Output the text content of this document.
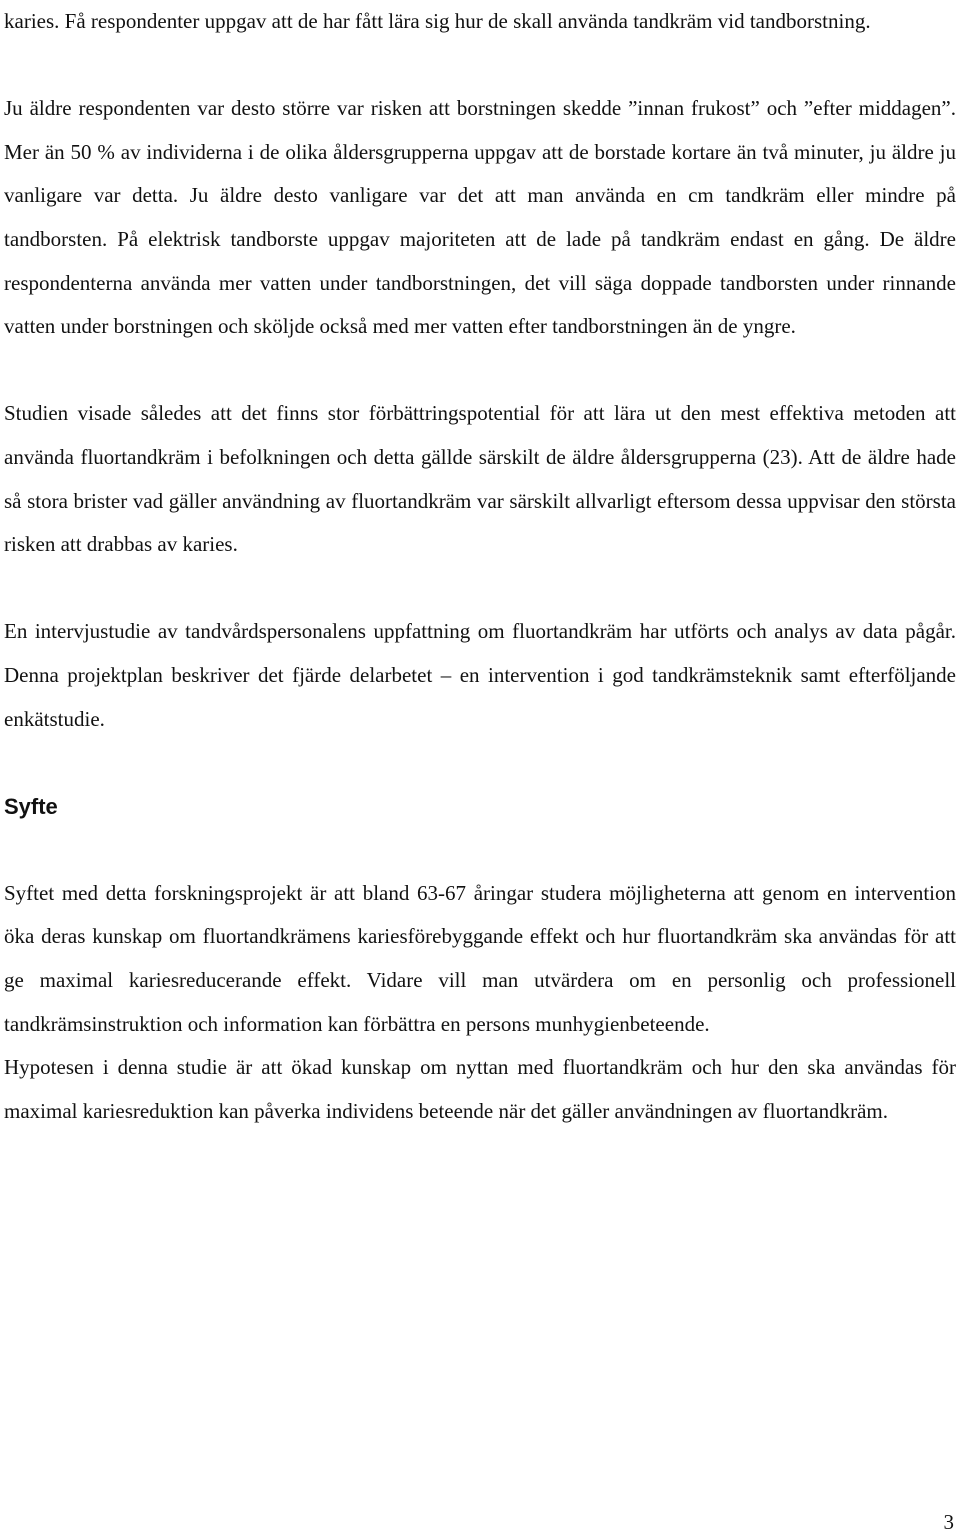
karies. Få respondenter uppgav att de har fått lära sig hur de skall använda tandkräm vid tandborstning.

Ju äldre respondenten var desto större var risken att borstningen skedde ”innan frukost” och ”efter middagen”. Mer än 50 % av individerna i de olika åldersgrupperna uppgav att de borstade kortare än två minuter, ju äldre ju vanligare var detta. Ju äldre desto vanligare var det att man använda en cm tandkräm eller mindre på tandborsten. På elektrisk tandborste uppgav majoriteten att de lade på tandkräm endast en gång. De äldre respondenterna använda mer vatten under tandborstningen, det vill säga doppade tandborsten under rinnande vatten under borstningen och sköljde också med mer vatten efter tandborstningen än de yngre.

Studien visade således att det finns stor förbättringspotential för att lära ut den mest effektiva metoden att använda fluortandkräm i befolkningen och detta gällde särskilt de äldre åldersgrupperna (23). Att de äldre hade så stora brister vad gäller användning av fluortandkräm var särskilt allvarligt eftersom dessa uppvisar den största risken att drabbas av karies.

En intervjustudie av tandvårdspersonalens uppfattning om fluortandkräm har utförts och analys av data pågår. Denna projektplan beskriver det fjärde delarbetet – en intervention i god tandkrämsteknik samt efterföljande enkätstudie.

Syfte

Syftet med detta forskningsprojekt är att bland 63-67 åringar studera möjligheterna att genom en intervention öka deras kunskap om fluortandkrämens kariesförebyggande effekt och hur fluortandkräm ska användas för att ge maximal kariesreducerande effekt. Vidare vill man utvärdera om en personlig och professionell tandkrämsinstruktion och information kan förbättra en persons munhygienbeteende.

Hypotesen i denna studie är att ökad kunskap om nyttan med fluortandkräm och hur den ska användas för maximal kariesreduktion kan påverka individens beteende när det gäller användningen av fluortandkräm.

3
